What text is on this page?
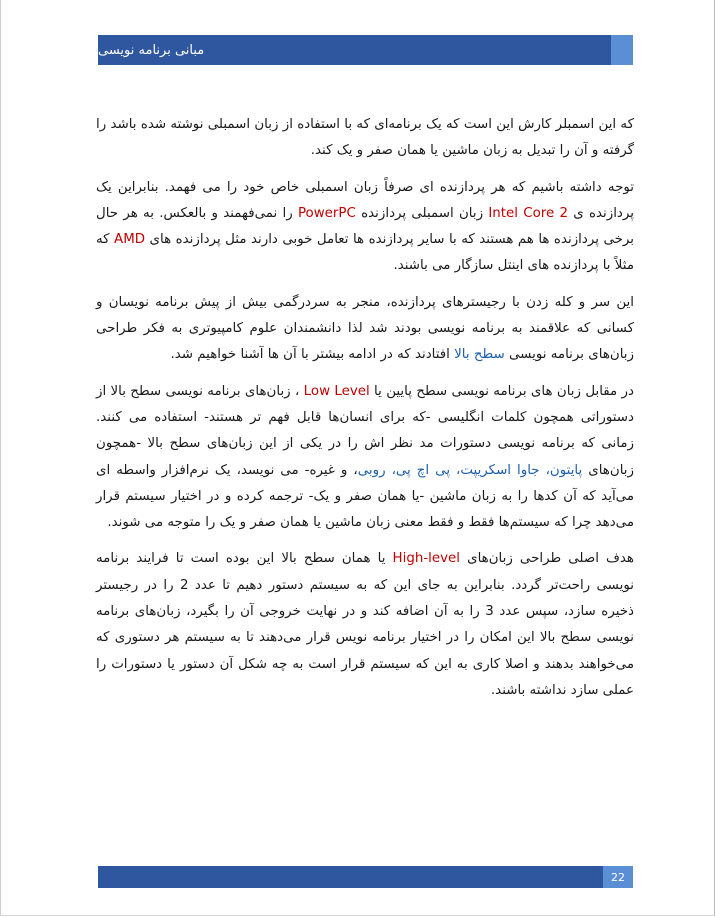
مبانی برنامه نویسی

که این اسمبلر کارش این است که یک برنامه‌ای که با استفاده از زبان اسمبلی نوشته شده باشد را گرفته و آن را تبدیل به زبان ماشین یا همان صفر و یک کند.

توجه داشته باشیم که هر پردازنده ای صرفاً زبان اسمبلی خاص خود را می فهمد. بنابراین یک پردازنده ی Intel Core 2 زبان اسمبلی پردازنده PowerPC را نمی‌فهمند و بالعکس. به هر حال برخی پردازنده ها هم هستند که با سایر پردازنده ها تعامل خوبی دارند مثل پردازنده های AMD که مثلاً با پردازنده های اینتل سازگار می باشند.

این سر و کله زدن با رجیسترهای پردازنده، منجر به سردرگمی بیش از پیش برنامه نویسان و کسانی که علاقمند به برنامه نویسی بودند شد لذا دانشمندان علوم کامپیوتری به فکر طراحی زبان‌های برنامه نویسی سطح بالا افتادند که در ادامه بیشتر با آن ها آشنا خواهیم شد.

در مقابل زبان های برنامه نویسی سطح پایین یا Low Level ، زبان‌های برنامه نویسی سطح بالا از دستوراتی همچون کلمات انگلیسی -که برای انسان‌ها قابل فهم تر هستند- استفاده می کنند. زمانی که برنامه نویسی دستورات مد نظر اش را در یکی از این زبان‌های سطح بالا -همچون زبان‌های پایتون، جاوا اسکریپت، پی اچ پی، روبی، و غیره- می نویسد، یک نرم‌افزار واسطه ای می‌آید که آن کدها را به زبان ماشین -یا همان صفر و یک- ترجمه کرده و در اختیار سیستم قرار می‌دهد چرا که سیستم‌ها فقط و فقط معنی زبان ماشین یا همان صفر و یک را متوجه می شوند.

هدف اصلی طراحی زبان‌های High-level یا همان سطح بالا این بوده است تا فرایند برنامه نویسی راحت‌تر گردد. بنابراین به جای این که به سیستم دستور دهیم تا عدد 2 را در رجیستر ذخیره سازد، سپس عدد 3 را به آن اضافه کند و در نهایت خروجی آن را بگیرد، زبان‌های برنامه نویسی سطح بالا این امکان را در اختیار برنامه نویس قرار می‌دهند تا به سیستم هر دستوری که می‌خواهند بدهند و اصلا کاری به این که سیستم قرار است به چه شکل آن دستور یا دستورات را عملی سازد نداشته باشند.

22
